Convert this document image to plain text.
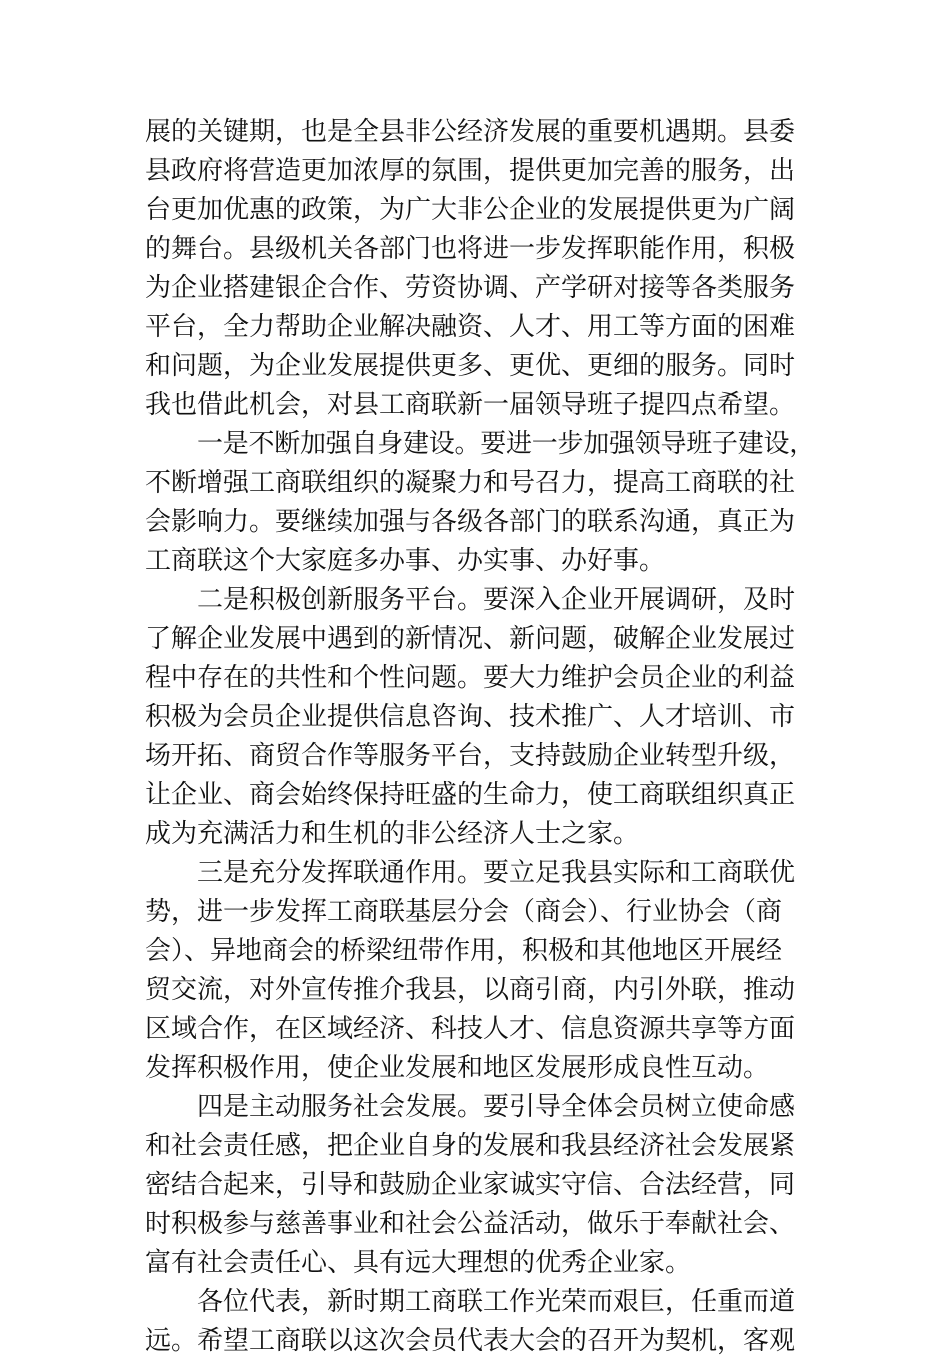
展的关键期，也是全县非公经济发展的重要机遇期。县委
县政府将营造更加浓厚的氛围，提供更加完善的服务，出
台更加优惠的政策，为广大非公企业的发展提供更为广阔
的舞台。县级机关各部门也将进一步发挥职能作用，积极
为企业搭建银企合作、劳资协调、产学研对接等各类服务
平台，全力帮助企业解决融资、人才、用工等方面的困难
和问题，为企业发展提供更多、更优、更细的服务。同时
我也借此机会，对县工商联新一届领导班子提四点希望。
一是不断加强自身建设。要进一步加强领导班子建设，
不断增强工商联组织的凝聚力和号召力，提高工商联的社
会影响力。要继续加强与各级各部门的联系沟通，真正为
工商联这个大家庭多办事、办实事、办好事。
二是积极创新服务平台。要深入企业开展调研，及时
了解企业发展中遇到的新情况、新问题，破解企业发展过
程中存在的共性和个性问题。要大力维护会员企业的利益
积极为会员企业提供信息咨询、技术推广、人才培训、市
场开拓、商贸合作等服务平台，支持鼓励企业转型升级，
让企业、商会始终保持旺盛的生命力，使工商联组织真正
成为充满活力和生机的非公经济人士之家。
三是充分发挥联通作用。要立足我县实际和工商联优
势，进一步发挥工商联基层分会（商会）、行业协会（商
会）、异地商会的桥梁纽带作用，积极和其他地区开展经
贸交流，对外宣传推介我县，以商引商，内引外联，推动
区域合作，在区域经济、科技人才、信息资源共享等方面
发挥积极作用，使企业发展和地区发展形成良性互动。
四是主动服务社会发展。要引导全体会员树立使命感
和社会责任感，把企业自身的发展和我县经济社会发展紧
密结合起来，引导和鼓励企业家诚实守信、合法经营，同
时积极参与慈善事业和社会公益活动，做乐于奉献社会、
富有社会责任心、具有远大理想的优秀企业家。
各位代表，新时期工商联工作光荣而艰巨，任重而道
远。希望工商联以这次会员代表大会的召开为契机，客观
